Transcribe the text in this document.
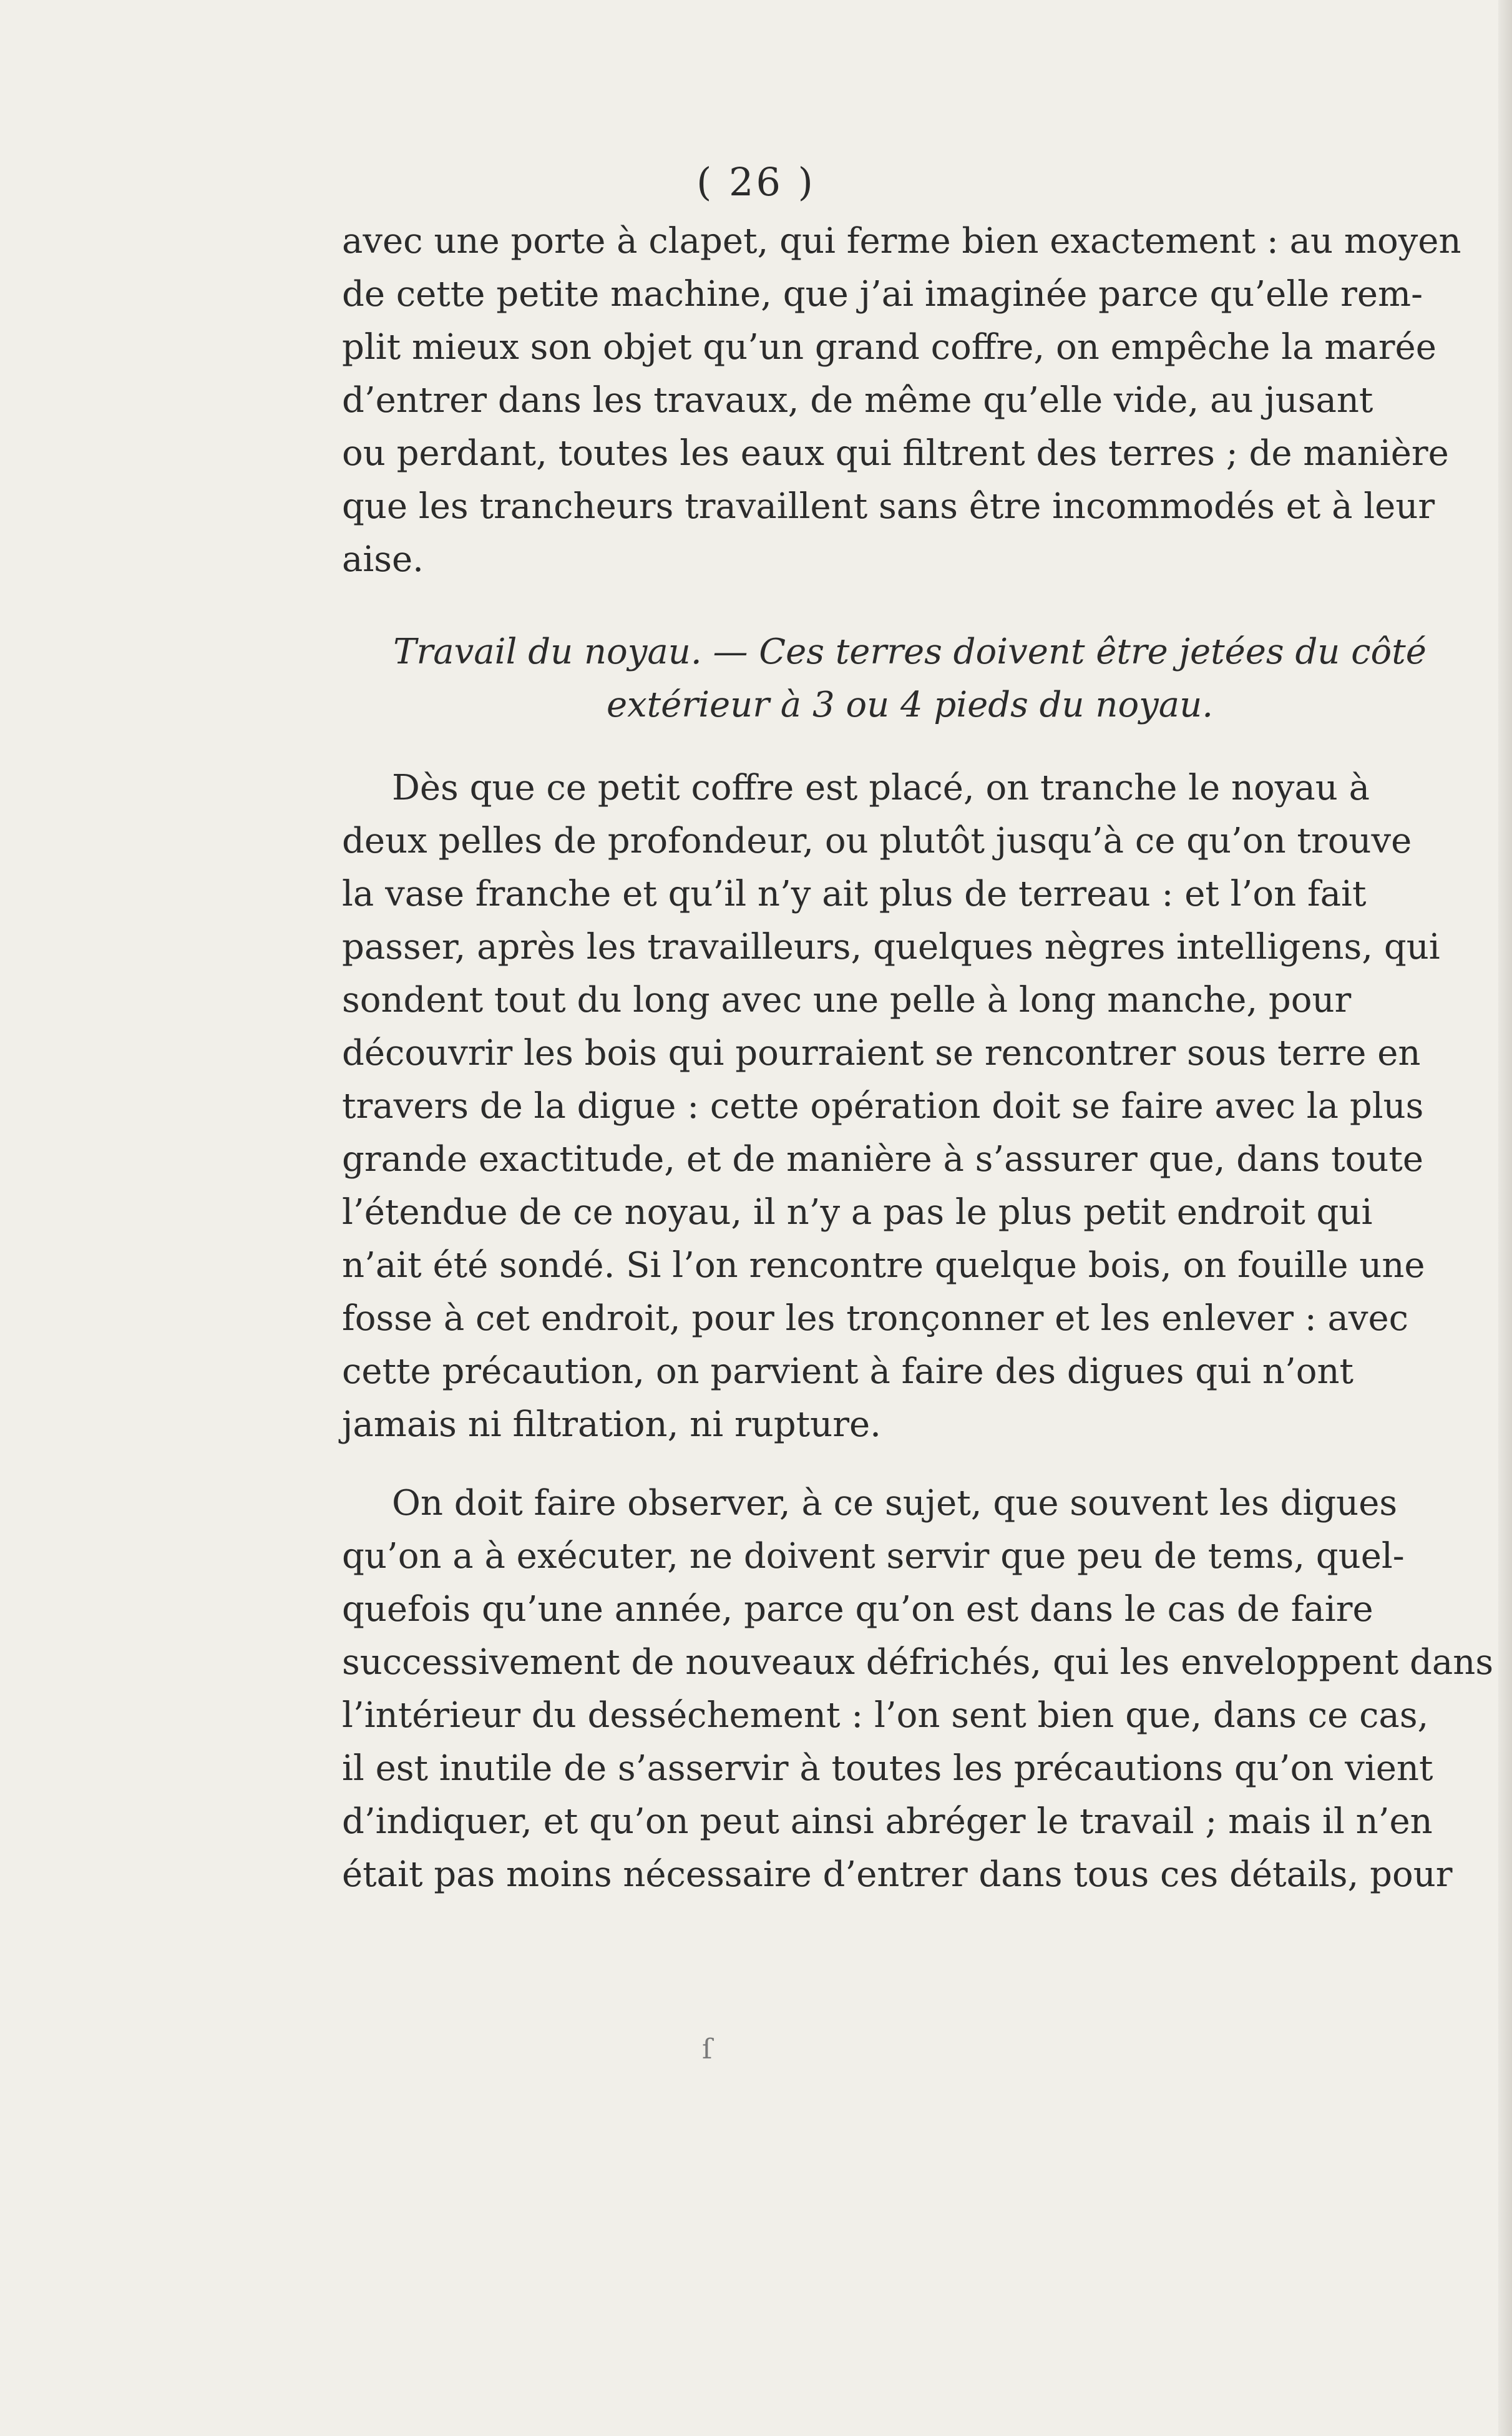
( 26 )
avec une porte à clapet, qui ferme bien exactement : au moyen
de cette petite machine, que j’ai imaginée parce qu’elle rem-
plit mieux son objet qu’un grand coffre, on empêche la marée
d’entrer dans les travaux, de même qu’elle vide, au jusant
ou perdant, toutes les eaux qui filtrent des terres ; de manière
que les trancheurs travaillent sans être incommodés et à leur
aise.
Travail du noyau. — Ces terres doivent être jetées du côté
extérieur à 3 ou 4 pieds du noyau.
Dès que ce petit coffre est placé, on tranche le noyau à
deux pelles de profondeur, ou plutôt jusqu’à ce qu’on trouve
la vase franche et qu’il n’y ait plus de terreau : et l’on fait
passer, après les travailleurs, quelques nègres intelligens, qui
sondent tout du long avec une pelle à long manche, pour
découvrir les bois qui pourraient se rencontrer sous terre en
travers de la digue : cette opération doit se faire avec la plus
grande exactitude, et de manière à s’assurer que, dans toute
l’étendue de ce noyau, il n’y a pas le plus petit endroit qui
n’ait été sondé. Si l’on rencontre quelque bois, on fouille une
fosse à cet endroit, pour les tronçonner et les enlever : avec
cette précaution, on parvient à faire des digues qui n’ont
jamais ni filtration, ni rupture.
On doit faire observer, à ce sujet, que souvent les digues
qu’on a à exécuter, ne doivent servir que peu de tems, quel-
quefois qu’une année, parce qu’on est dans le cas de faire
successivement de nouveaux défrichés, qui les enveloppent dans
l’intérieur du desséchement : l’on sent bien que, dans ce cas,
il est inutile de s’asservir à toutes les précautions qu’on vient
d’indiquer, et qu’on peut ainsi abréger le travail ; mais il n’en
était pas moins nécessaire d’entrer dans tous ces détails, pour
ſ
